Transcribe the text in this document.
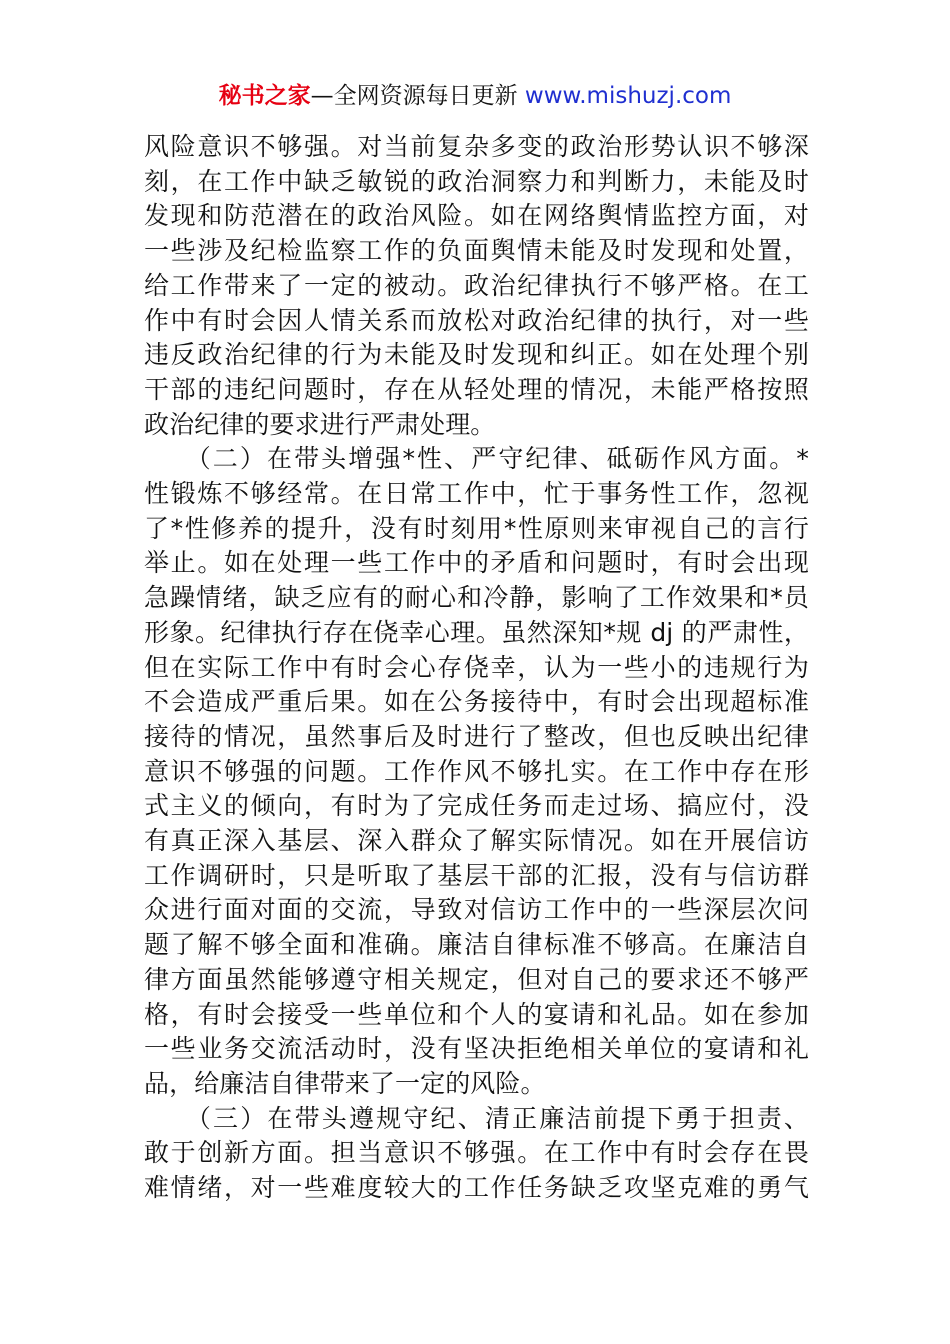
秘书之家—全网资源每日更新 www.mishuzj.com
风险意识不够强。对当前复杂多变的政治形势认识不够深
刻，在工作中缺乏敏锐的政治洞察力和判断力，未能及时
发现和防范潜在的政治风险。如在网络舆情监控方面，对
一些涉及纪检监察工作的负面舆情未能及时发现和处置，
给工作带来了一定的被动。政治纪律执行不够严格。在工
作中有时会因人情关系而放松对政治纪律的执行，对一些
违反政治纪律的行为未能及时发现和纠正。如在处理个别
干部的违纪问题时，存在从轻处理的情况，未能严格按照
政治纪律的要求进行严肃处理。
　　（二）在带头增强*性、严守纪律、砥砺作风方面。*
性锻炼不够经常。在日常工作中，忙于事务性工作，忽视
了*性修养的提升，没有时刻用*性原则来审视自己的言行
举止。如在处理一些工作中的矛盾和问题时，有时会出现
急躁情绪，缺乏应有的耐心和冷静，影响了工作效果和*员
形象。纪律执行存在侥幸心理。虽然深知*规 dj 的严肃性，
但在实际工作中有时会心存侥幸，认为一些小的违规行为
不会造成严重后果。如在公务接待中，有时会出现超标准
接待的情况，虽然事后及时进行了整改，但也反映出纪律
意识不够强的问题。工作作风不够扎实。在工作中存在形
式主义的倾向，有时为了完成任务而走过场、搞应付，没
有真正深入基层、深入群众了解实际情况。如在开展信访
工作调研时，只是听取了基层干部的汇报，没有与信访群
众进行面对面的交流，导致对信访工作中的一些深层次问
题了解不够全面和准确。廉洁自律标准不够高。在廉洁自
律方面虽然能够遵守相关规定，但对自己的要求还不够严
格，有时会接受一些单位和个人的宴请和礼品。如在参加
一些业务交流活动时，没有坚决拒绝相关单位的宴请和礼
品，给廉洁自律带来了一定的风险。
　　（三）在带头遵规守纪、清正廉洁前提下勇于担责、
敢于创新方面。担当意识不够强。在工作中有时会存在畏
难情绪，对一些难度较大的工作任务缺乏攻坚克难的勇气
